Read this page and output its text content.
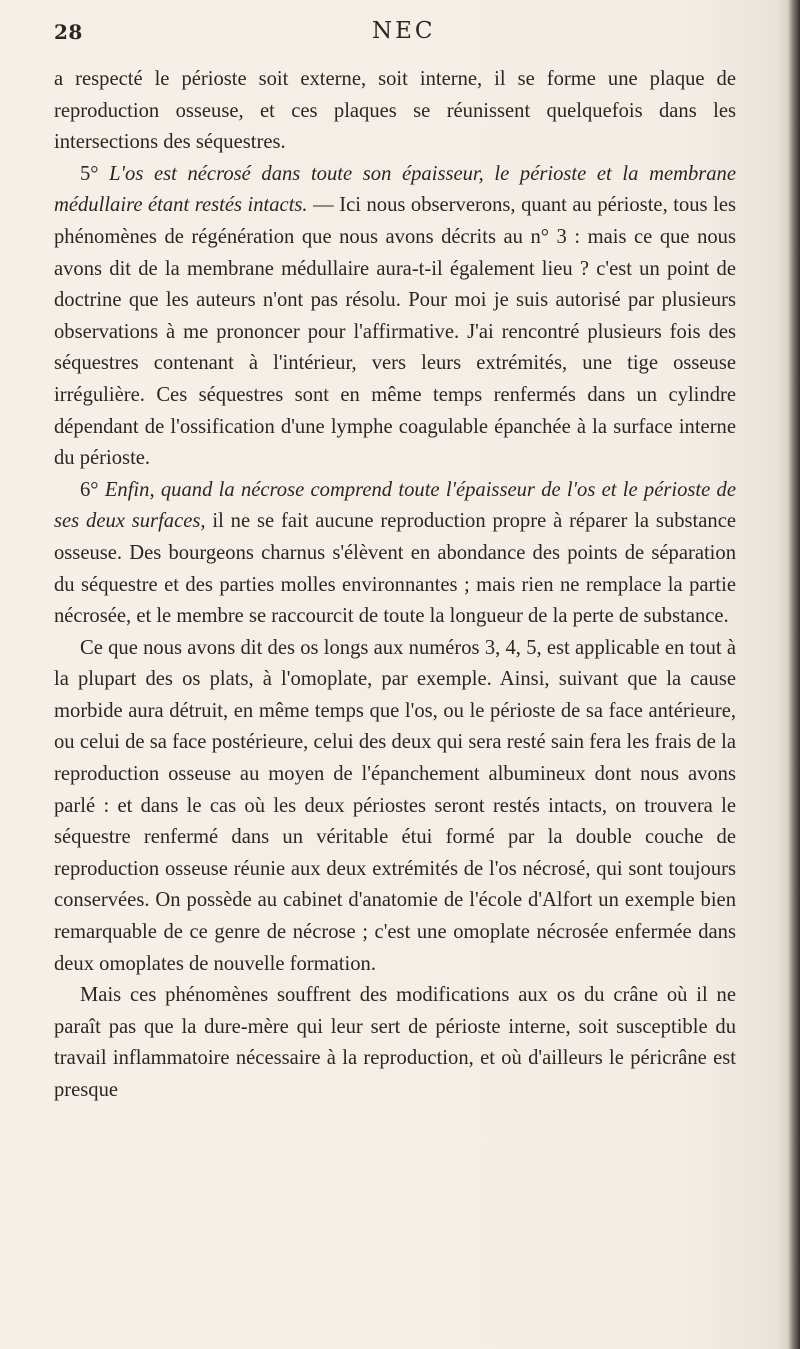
28	NEC

a respecté le périoste soit externe, soit interne, il se forme une plaque de reproduction osseuse, et ces plaques se réunissent quelquefois dans les intersections des séquestres.

5° L'os est nécrosé dans toute son épaisseur, le périoste et la membrane médullaire étant restés intacts. — Ici nous observerons, quant au périoste, tous les phénomènes de régénération que nous avons décrits au n° 3 : mais ce que nous avons dit de la membrane médullaire aura-t-il également lieu ? c'est un point de doctrine que les auteurs n'ont pas résolu. Pour moi je suis autorisé par plusieurs observations à me prononcer pour l'affirmative. J'ai rencontré plusieurs fois des séquestres contenant à l'intérieur, vers leurs extrémités, une tige osseuse irrégulière. Ces séquestres sont en même temps renfermés dans un cylindre dépendant de l'ossification d'une lymphe coagulable épanchée à la surface interne du périoste.

6° Enfin, quand la nécrose comprend toute l'épaisseur de l'os et le périoste de ses deux surfaces, il ne se fait aucune reproduction propre à réparer la substance osseuse. Des bourgeons charnus s'élèvent en abondance des points de séparation du séquestre et des parties molles environnantes ; mais rien ne remplace la partie nécrosée, et le membre se raccourcit de toute la longueur de la perte de substance.

Ce que nous avons dit des os longs aux numéros 3, 4, 5, est applicable en tout à la plupart des os plats, à l'omoplate, par exemple. Ainsi, suivant que la cause morbide aura détruit, en même temps que l'os, ou le périoste de sa face antérieure, ou celui de sa face postérieure, celui des deux qui sera resté sain fera les frais de la reproduction osseuse au moyen de l'épanchement albumineux dont nous avons parlé : et dans le cas où les deux périostes seront restés intacts, on trouvera le séquestre renfermé dans un véritable étui formé par la double couche de reproduction osseuse réunie aux deux extrémités de l'os nécrosé, qui sont toujours conservées. On possède au cabinet d'anatomie de l'école d'Alfort un exemple bien remarquable de ce genre de nécrose ; c'est une omoplate nécrosée enfermée dans deux omoplates de nouvelle formation.

Mais ces phénomènes souffrent des modifications aux os du crâne où il ne paraît pas que la dure-mère qui leur sert de périoste interne, soit susceptible du travail inflammatoire nécessaire à la reproduction, et où d'ailleurs le péricrâne est presque
